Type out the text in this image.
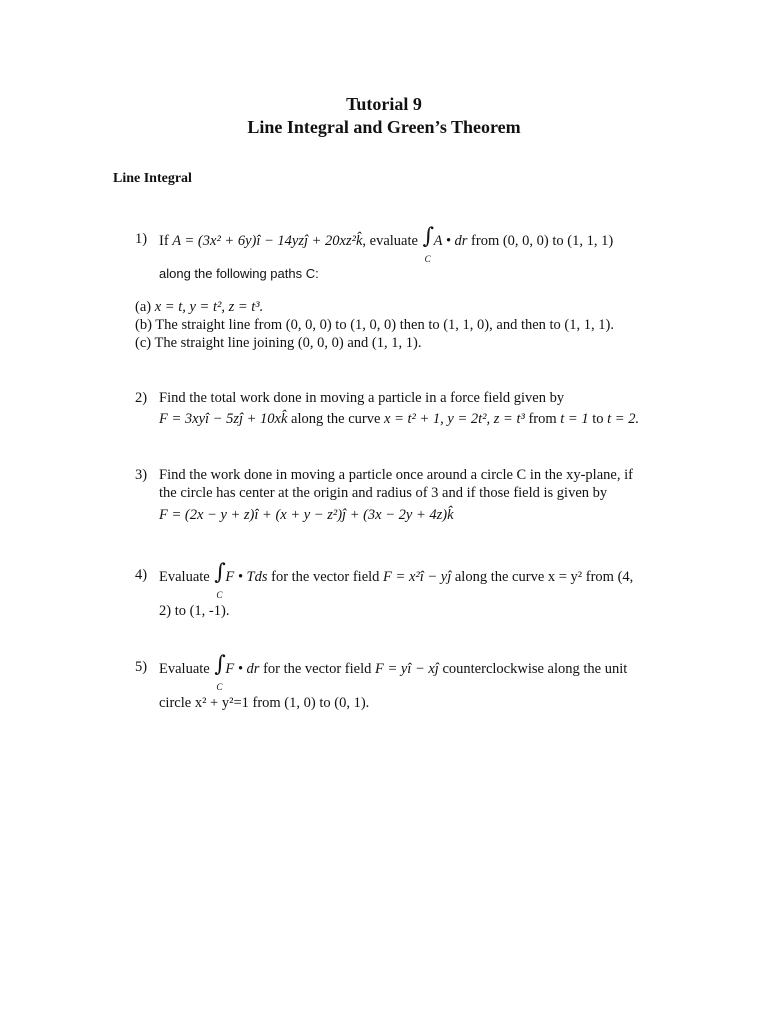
Tutorial 9
Line Integral and Green’s Theorem
Line Integral
1) If A = (3x² + 6y)î − 14yzĵ + 20xz²k̂, evaluate ∫
C
A • dr from (0, 0, 0) to (1, 1, 1)
along the following paths C:
(a) x = t, y = t², z = t³.
(b) The straight line from (0, 0, 0) to (1, 0, 0) then to (1, 1, 0), and then to (1, 1, 1).
(c) The straight line joining (0, 0, 0) and (1, 1, 1).
2) Find the total work done in moving a particle in a force field given by
F = 3xyî − 5zĵ + 10xk̂ along the curve x = t² + 1, y = 2t², z = t³ from t = 1 to t = 2.
3) Find the work done in moving a particle once around a circle C in the xy-plane, if
the circle has center at the origin and radius of 3 and if those field is given by
F = (2x − y + z)î + (x + y − z²)ĵ + (3x − 2y + 4z)k̂
4) Evaluate ∫
C
F • Tds for the vector field F = x²î − yĵ along the curve x = y² from (4,
2) to (1, -1).
5) Evaluate ∫
C
F • dr for the vector field F = yî − xĵ counterclockwise along the unit
circle x² + y²=1 from (1, 0) to (0, 1).
